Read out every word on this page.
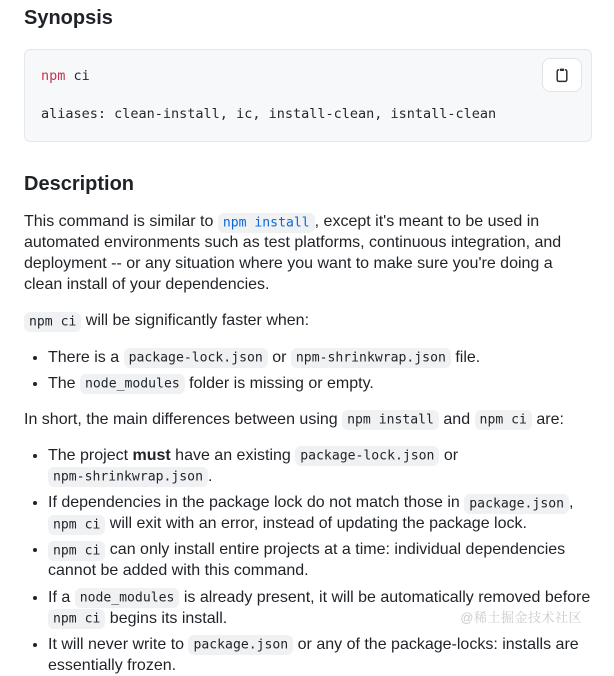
Synopsis
npm ci
aliases: clean-install, ic, install-clean, isntall-clean
Description

This command is similar to npm install , except it's meant to be used in automated environments such as test platforms, continuous integration, and deployment -- or any situation where you want to make sure you're doing a clean install of your dependencies.

npm ci will be significantly faster when:

• There is a package-lock.json or npm-shrinkwrap.json file.
• The node_modules folder is missing or empty.

In short, the main differences between using npm install and npm ci are:

• The project must have an existing package-lock.json or npm-shrinkwrap.json .
• If dependencies in the package lock do not match those in package.json , npm ci will exit with an error, instead of updating the package lock.
• npm ci can only install entire projects at a time: individual dependencies cannot be added with this command.
• If a node_modules is already present, it will be automatically removed before npm ci begins its install.
• It will never write to package.json or any of the package-locks: installs are essentially frozen.
@稀土掘金技术社区
